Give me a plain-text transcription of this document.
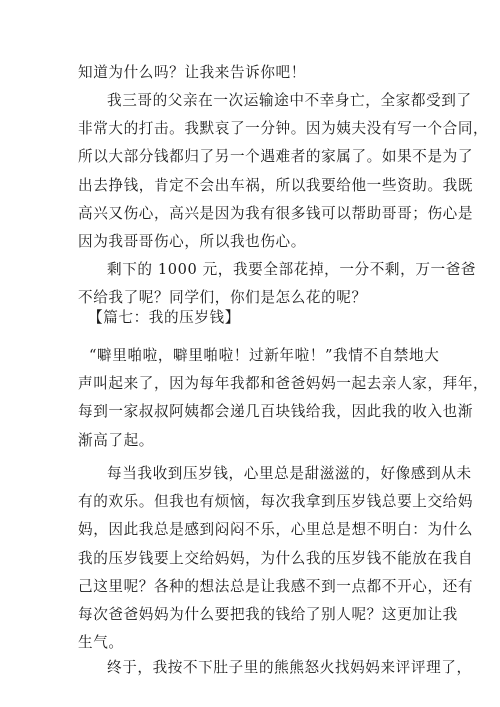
知道为什么吗？让我来告诉你吧！
我三哥的父亲在一次运输途中不幸身亡，全家都受到了
非常大的打击。我默哀了一分钟。因为姨夫没有写一个合同，
所以大部分钱都归了另一个遇难者的家属了。如果不是为了
出去挣钱，肯定不会出车祸，所以我要给他一些资助。我既
高兴又伤心，高兴是因为我有很多钱可以帮助哥哥；伤心是
因为我哥哥伤心，所以我也伤心。
剩下的 1000 元，我要全部花掉，一分不剩，万一爸爸
不给我了呢？同学们，你们是怎么花的呢？
【篇七：我的压岁钱】
“噼里啪啦，噼里啪啦！过新年啦！”我情不自禁地大
声叫起来了，因为每年我都和爸爸妈妈一起去亲人家，拜年，
每到一家叔叔阿姨都会递几百块钱给我，因此我的收入也渐
渐高了起。
每当我收到压岁钱，心里总是甜滋滋的，好像感到从未
有的欢乐。但我也有烦恼，每次我拿到压岁钱总要上交给妈
妈，因此我总是感到闷闷不乐，心里总是想不明白：为什么
我的压岁钱要上交给妈妈，为什么我的压岁钱不能放在我自
己这里呢？各种的想法总是让我感不到一点都不开心，还有
每次爸爸妈妈为什么要把我的钱给了别人呢？这更加让我
生气。
终于，我按不下肚子里的熊熊怒火找妈妈来评评理了，
